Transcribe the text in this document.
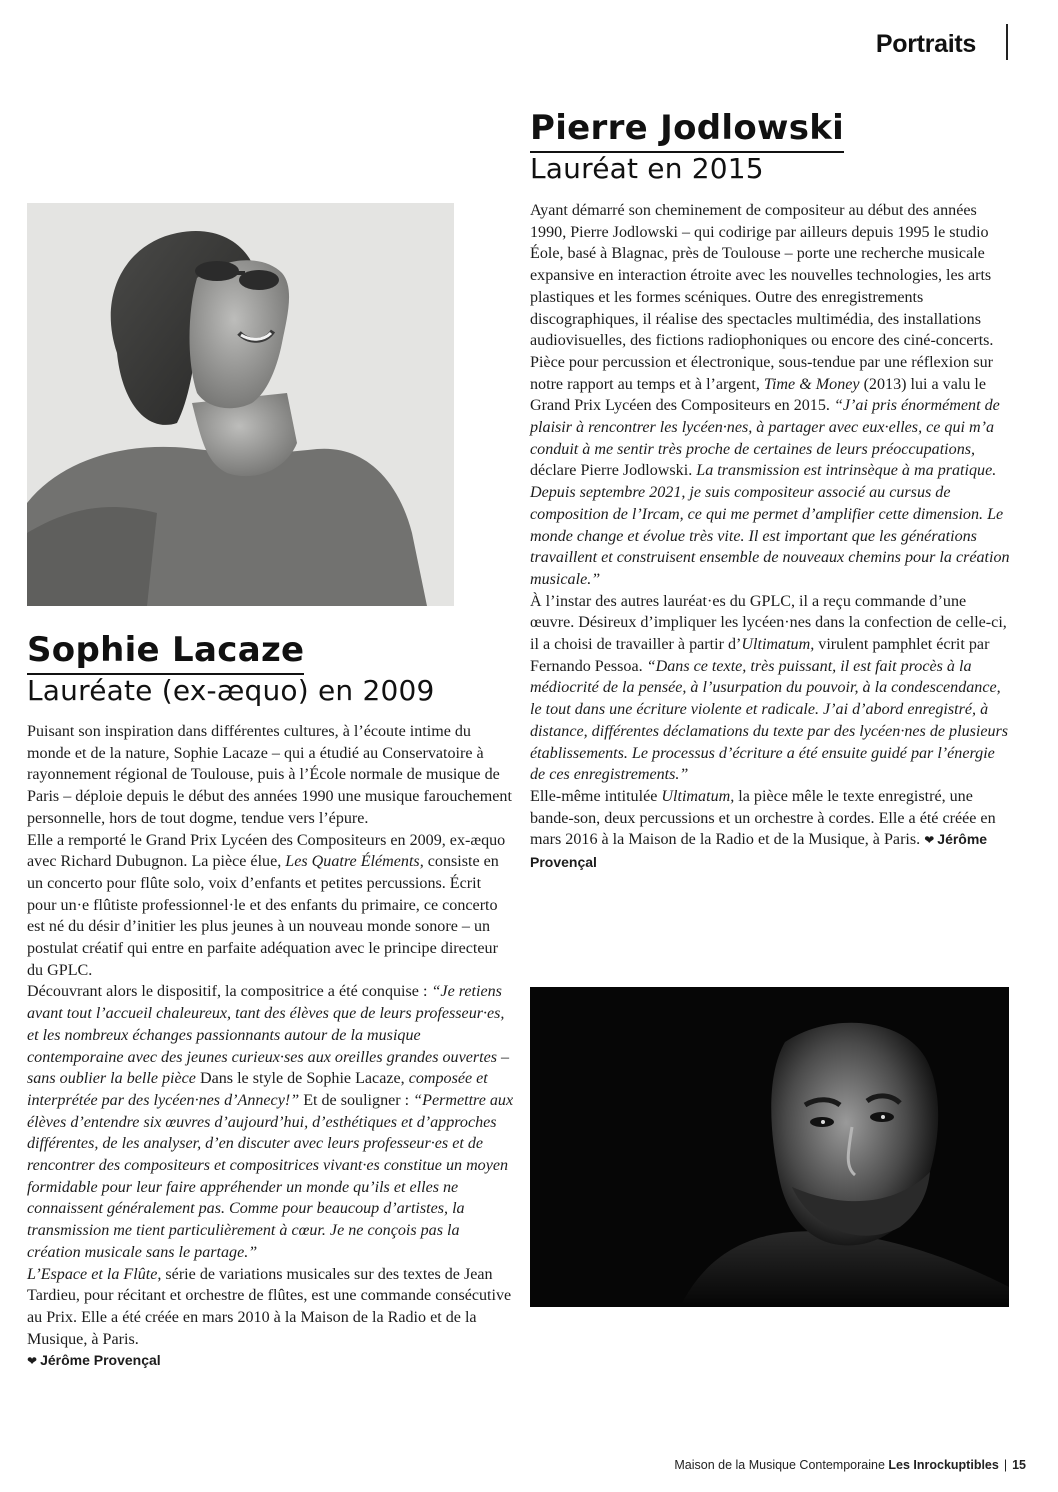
Portraits
Sophie Lacaze
Lauréate (ex-æquo) en 2009

Puisant son inspiration dans différentes cultures, à l’écoute intime du monde et de la nature, Sophie Lacaze – qui a étudié au Conservatoire à rayonnement régional de Toulouse, puis à l’École normale de musique de Paris – déploie depuis le début des années 1990 une musique farouchement personnelle, hors de tout dogme, tendue vers l’épure.

Elle a remporté le Grand Prix Lycéen des Compositeurs en 2009, ex-æquo avec Richard Dubugnon. La pièce élue, Les Quatre Éléments, consiste en un concerto pour flûte solo, voix d’enfants et petites percussions. Écrit pour un·e flûtiste professionnel·le et des enfants du primaire, ce concerto est né du désir d’initier les plus jeunes à un nouveau monde sonore – un postulat créatif qui entre en parfaite adéquation avec le principe directeur du GPLC.

Découvrant alors le dispositif, la compositrice a été conquise : “Je retiens avant tout l’accueil chaleureux, tant des élèves que de leurs professeur·es, et les nombreux échanges passionnants autour de la musique contemporaine avec des jeunes curieux·ses aux oreilles grandes ouvertes – sans oublier la belle pièce Dans le style de Sophie Lacaze, composée et interprétée par des lycéen·nes d’Annecy!” Et de souligner : “Permettre aux élèves d’entendre six œuvres d’aujourd’hui, d’esthétiques et d’approches différentes, de les analyser, d’en discuter avec leurs professeur·es et de rencontrer des compositeurs et compositrices vivant·es constitue un moyen formidable pour leur faire appréhender un monde qu’ils et elles ne connaissent généralement pas. Comme pour beaucoup d’artistes, la transmission me tient particulièrement à cœur. Je ne conçois pas la création musicale sans le partage.”

L’Espace et la Flûte, série de variations musicales sur des textes de Jean Tardieu, pour récitant et orchestre de flûtes, est une commande consécutive au Prix. Elle a été créée en mars 2010 à la Maison de la Radio et de la Musique, à Paris.

❤ Jérôme Provençal

Pierre Jodlowski
Lauréat en 2015

Ayant démarré son cheminement de compositeur au début des années 1990, Pierre Jodlowski – qui codirige par ailleurs depuis 1995 le studio Éole, basé à Blagnac, près de Toulouse – porte une recherche musicale expansive en interaction étroite avec les nouvelles technologies, les arts plastiques et les formes scéniques. Outre des enregistrements discographiques, il réalise des spectacles multimédia, des installations audiovisuelles, des fictions radiophoniques ou encore des ciné-concerts.

Pièce pour percussion et électronique, sous-tendue par une réflexion sur notre rapport au temps et à l’argent, Time & Money (2013) lui a valu le Grand Prix Lycéen des Compositeurs en 2015. “J’ai pris énormément de plaisir à rencontrer les lycéen·nes, à partager avec eux·elles, ce qui m’a conduit à me sentir très proche de certaines de leurs préoccupations, déclare Pierre Jodlowski. La transmission est intrinsèque à ma pratique. Depuis septembre 2021, je suis compositeur associé au cursus de composition de l’Ircam, ce qui me permet d’amplifier cette dimension. Le monde change et évolue très vite. Il est important que les générations travaillent et construisent ensemble de nouveaux chemins pour la création musicale.”

À l’instar des autres lauréat·es du GPLC, il a reçu commande d’une œuvre. Désireux d’impliquer les lycéen·nes dans la confection de celle-ci, il a choisi de travailler à partir d’Ultimatum, virulent pamphlet écrit par Fernando Pessoa. “Dans ce texte, très puissant, il est fait procès à la médiocrité de la pensée, à l’usurpation du pouvoir, à la condescendance, le tout dans une écriture violente et radicale. J’ai d’abord enregistré, à distance, différentes déclamations du texte par des lycéen·nes de plusieurs établissements. Le processus d’écriture a été ensuite guidé par l’énergie de ces enregistrements.”

Elle-même intitulée Ultimatum, la pièce mêle le texte enregistré, une bande-son, deux percussions et un orchestre à cordes. Elle a été créée en mars 2016 à la Maison de la Radio et de la Musique, à Paris. ❤ Jérôme Provençal

Maison de la Musique Contemporaine Les Inrockuptibles | 15
